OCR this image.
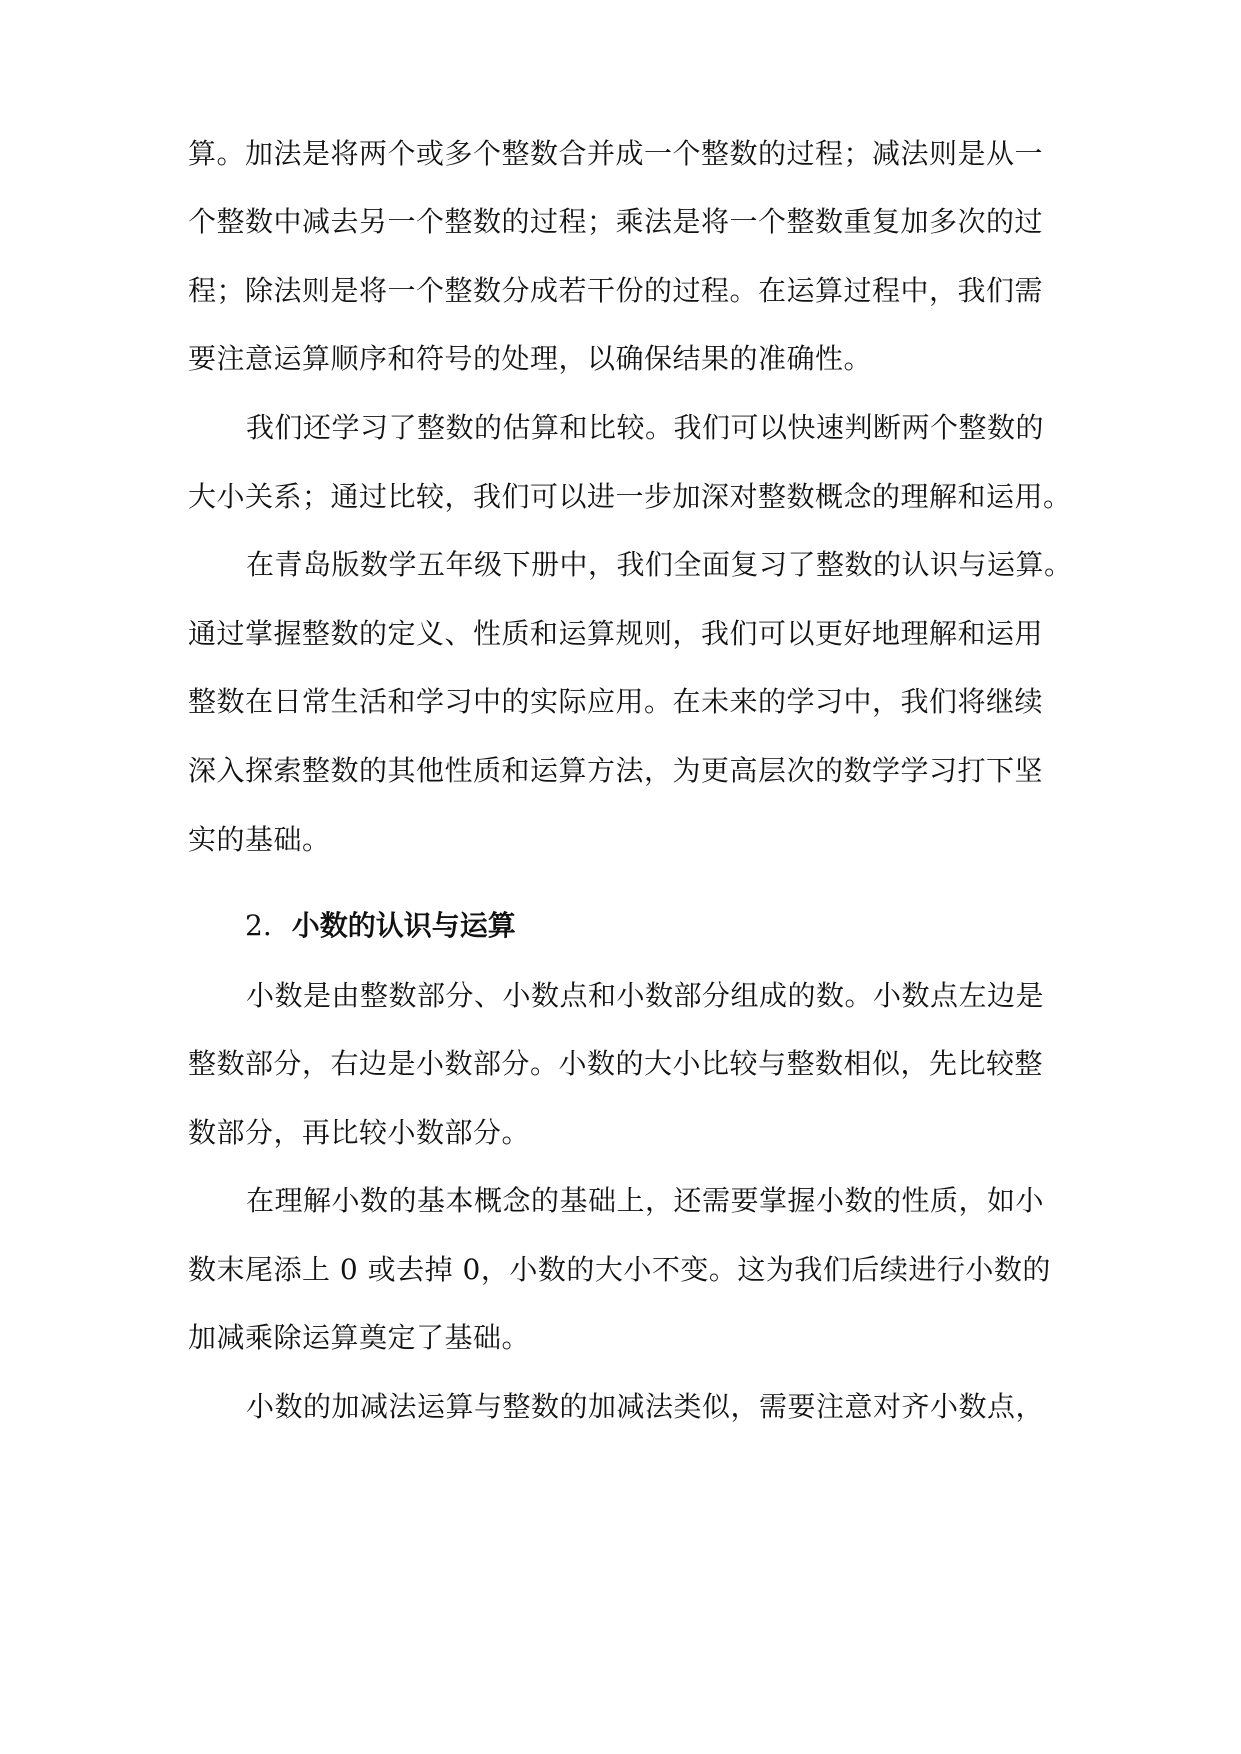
算。加法是将两个或多个整数合并成一个整数的过程；减法则是从一
个整数中减去另一个整数的过程；乘法是将一个整数重复加多次的过
程；除法则是将一个整数分成若干份的过程。在运算过程中，我们需
要注意运算顺序和符号的处理，以确保结果的准确性。
我们还学习了整数的估算和比较。我们可以快速判断两个整数的
大小关系；通过比较，我们可以进一步加深对整数概念的理解和运用。
在青岛版数学五年级下册中，我们全面复习了整数的认识与运算。
通过掌握整数的定义、性质和运算规则，我们可以更好地理解和运用
整数在日常生活和学习中的实际应用。在未来的学习中，我们将继续
深入探索整数的其他性质和运算方法，为更高层次的数学学习打下坚
实的基础。
2. 小数的认识与运算
小数是由整数部分、小数点和小数部分组成的数。小数点左边是
整数部分，右边是小数部分。小数的大小比较与整数相似，先比较整
数部分，再比较小数部分。
在理解小数的基本概念的基础上，还需要掌握小数的性质，如小
数末尾添上 0 或去掉 0，小数的大小不变。这为我们后续进行小数的
加减乘除运算奠定了基础。
小数的加减法运算与整数的加减法类似，需要注意对齐小数点，
